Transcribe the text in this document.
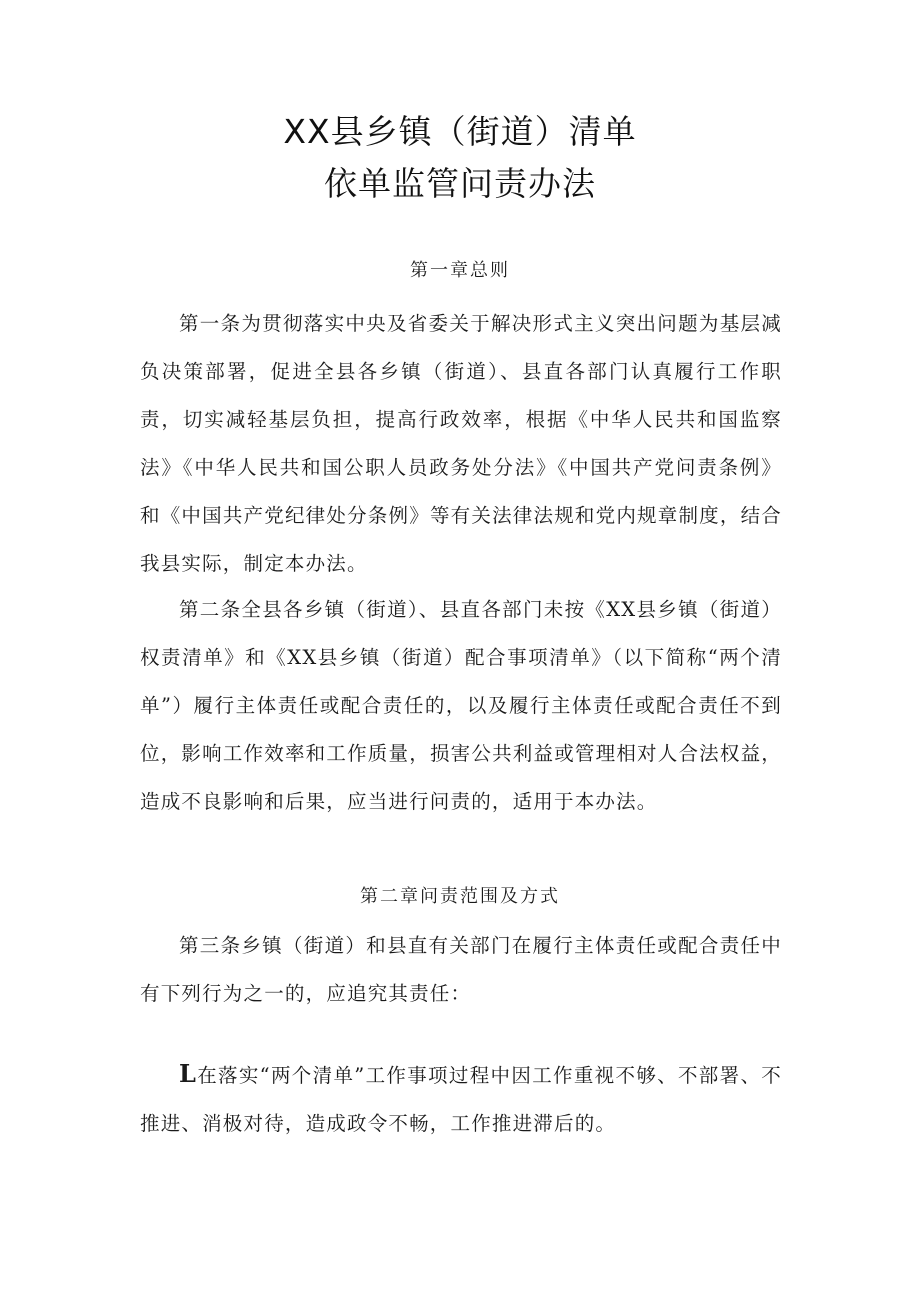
XX县乡镇（街道）清单
依单监管问责办法
第一章总则

第一条为贯彻落实中央及省委关于解决形式主义突出问题为基层减负决策部署，促进全县各乡镇（街道）、县直各部门认真履行工作职责，切实减轻基层负担，提高行政效率，根据《中华人民共和国监察法》《中华人民共和国公职人员政务处分法》《中国共产党问责条例》和《中国共产党纪律处分条例》等有关法律法规和党内规章制度，结合我县实际，制定本办法。

第二条全县各乡镇（街道）、县直各部门未按《XX县乡镇（街道）权责清单》和《XX县乡镇（街道）配合事项清单》（以下简称“两个清单”）履行主体责任或配合责任的，以及履行主体责任或配合责任不到位，影响工作效率和工作质量，损害公共利益或管理相对人合法权益，造成不良影响和后果，应当进行问责的，适用于本办法。

第二章问责范围及方式

第三条乡镇（街道）和县直有关部门在履行主体责任或配合责任中有下列行为之一的，应追究其责任：

L在落实“两个清单”工作事项过程中因工作重视不够、不部署、不推进、消极对待，造成政令不畅，工作推进滞后的。
